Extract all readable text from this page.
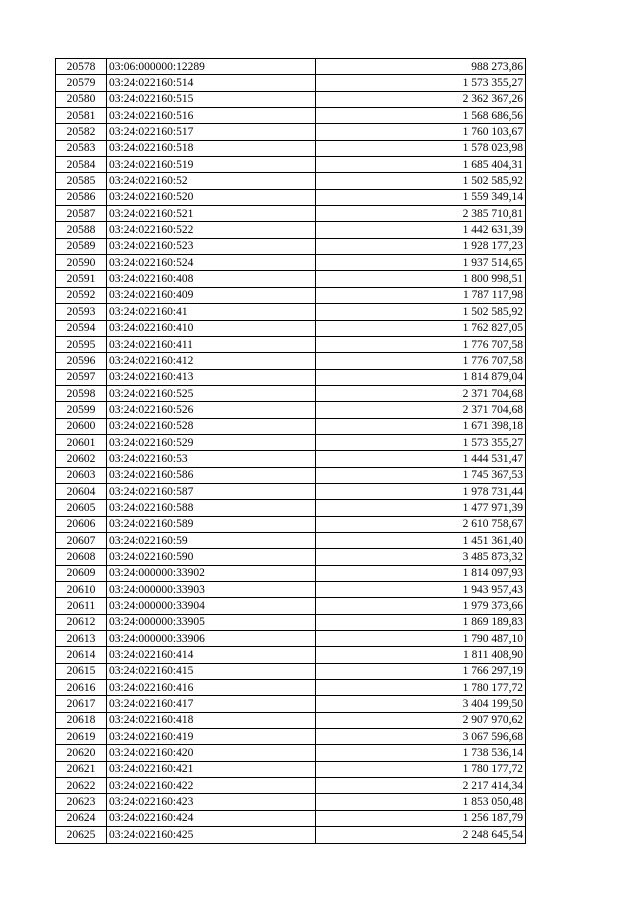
20578	03:06:000000:12289	988 273,86
20579	03:24:022160:514	1 573 355,27
20580	03:24:022160:515	2 362 367,26
20581	03:24:022160:516	1 568 686,56
20582	03:24:022160:517	1 760 103,67
20583	03:24:022160:518	1 578 023,98
20584	03:24:022160:519	1 685 404,31
20585	03:24:022160:52	1 502 585,92
20586	03:24:022160:520	1 559 349,14
20587	03:24:022160:521	2 385 710,81
20588	03:24:022160:522	1 442 631,39
20589	03:24:022160:523	1 928 177,23
20590	03:24:022160:524	1 937 514,65
20591	03:24:022160:408	1 800 998,51
20592	03:24:022160:409	1 787 117,98
20593	03:24:022160:41	1 502 585,92
20594	03:24:022160:410	1 762 827,05
20595	03:24:022160:411	1 776 707,58
20596	03:24:022160:412	1 776 707,58
20597	03:24:022160:413	1 814 879,04
20598	03:24:022160:525	2 371 704,68
20599	03:24:022160:526	2 371 704,68
20600	03:24:022160:528	1 671 398,18
20601	03:24:022160:529	1 573 355,27
20602	03:24:022160:53	1 444 531,47
20603	03:24:022160:586	1 745 367,53
20604	03:24:022160:587	1 978 731,44
20605	03:24:022160:588	1 477 971,39
20606	03:24:022160:589	2 610 758,67
20607	03:24:022160:59	1 451 361,40
20608	03:24:022160:590	3 485 873,32
20609	03:24:000000:33902	1 814 097,93
20610	03:24:000000:33903	1 943 957,43
20611	03:24:000000:33904	1 979 373,66
20612	03:24:000000:33905	1 869 189,83
20613	03:24:000000:33906	1 790 487,10
20614	03:24:022160:414	1 811 408,90
20615	03:24:022160:415	1 766 297,19
20616	03:24:022160:416	1 780 177,72
20617	03:24:022160:417	3 404 199,50
20618	03:24:022160:418	2 907 970,62
20619	03:24:022160:419	3 067 596,68
20620	03:24:022160:420	1 738 536,14
20621	03:24:022160:421	1 780 177,72
20622	03:24:022160:422	2 217 414,34
20623	03:24:022160:423	1 853 050,48
20624	03:24:022160:424	1 256 187,79
20625	03:24:022160:425	2 248 645,54
